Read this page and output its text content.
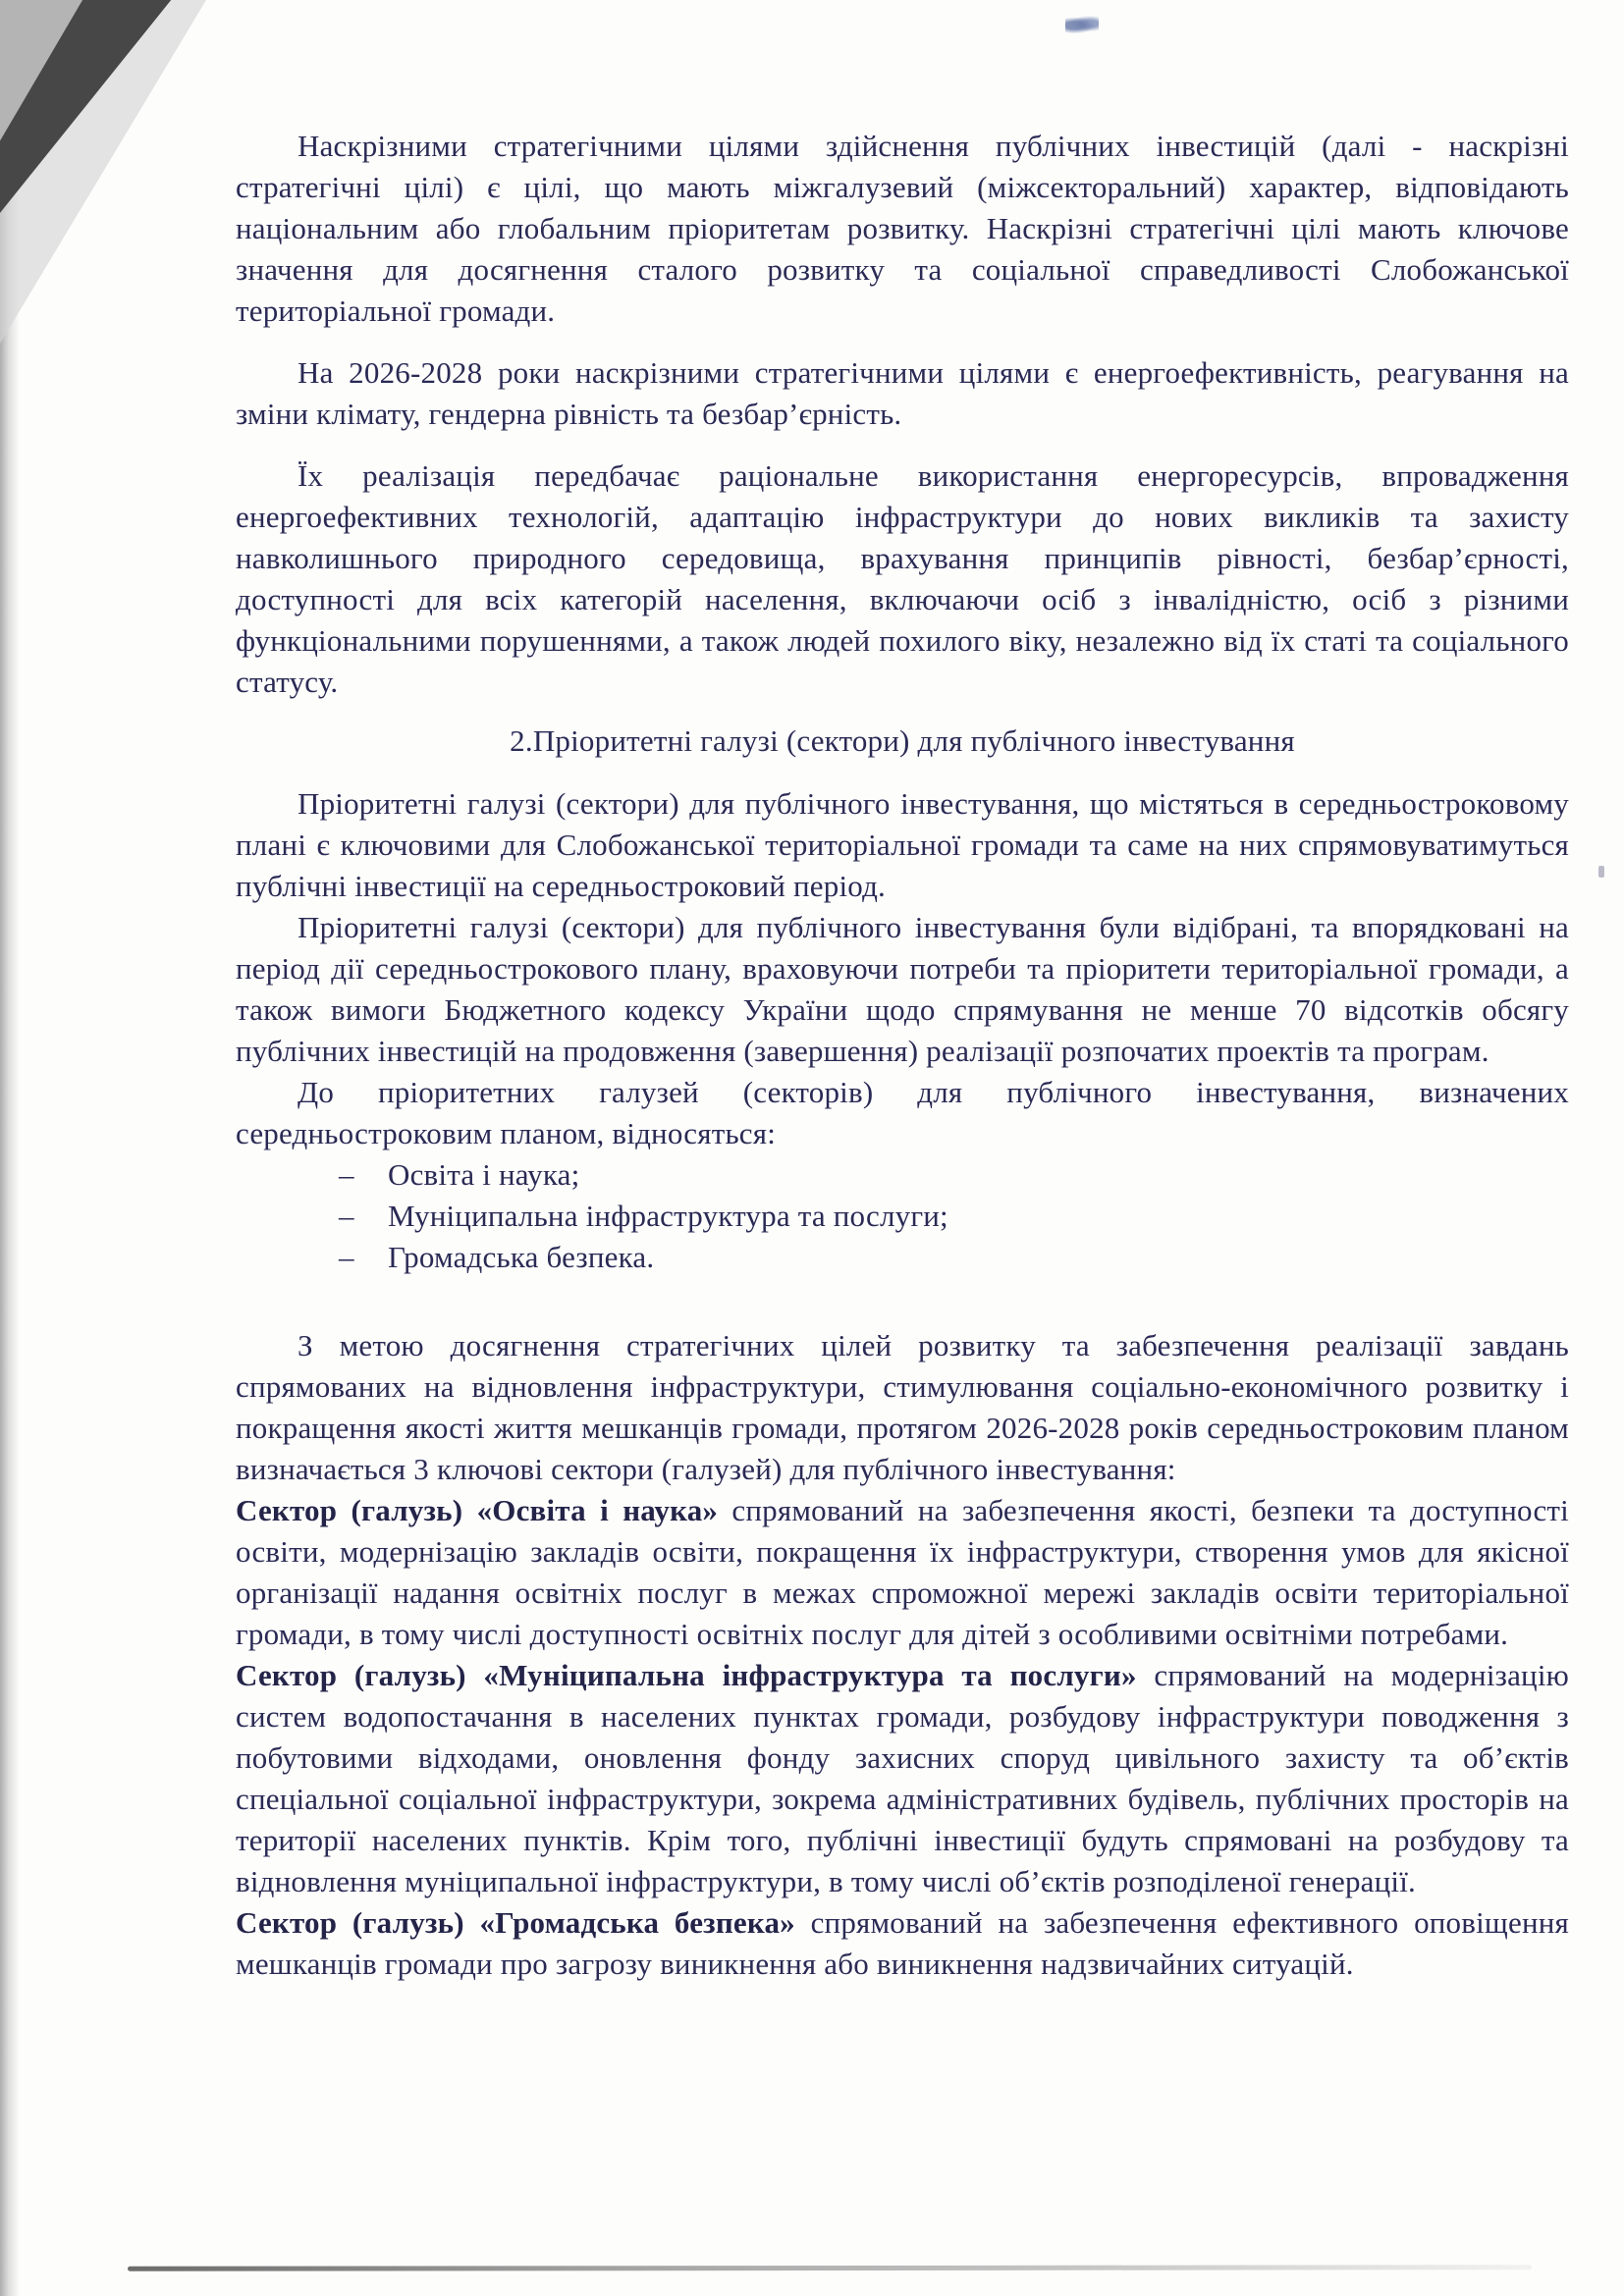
Наскрізними стратегічними цілями здійснення публічних інвестицій (далі - наскрізні стратегічні цілі) є цілі, що мають міжгалузевий (міжсекторальний) характер, відповідають національним або глобальним пріоритетам розвитку. Наскрізні стратегічні цілі мають ключове значення для досягнення сталого розвитку та соціальної справедливості Слобожанської територіальної громади.

На 2026-2028 роки наскрізними стратегічними цілями є енергоефективність, реагування на зміни клімату, гендерна рівність та безбар’єрність.

Їх реалізація передбачає раціональне використання енергоресурсів, впровадження енергоефективних технологій, адаптацію інфраструктури до нових викликів та захисту навколишнього природного середовища, врахування принципів рівності, безбар’єрності, доступності для всіх категорій населення, включаючи осіб з інвалідністю, осіб з різними функціональними порушеннями, а також людей похилого віку, незалежно від їх статі та соціального статусу.

2.Пріоритетні галузі (сектори) для публічного інвестування

Пріоритетні галузі (сектори) для публічного інвестування, що містяться в середньостроковому плані є ключовими для Слобожанської територіальної громади та саме на них спрямовуватимуться публічні інвестиції на середньостроковий період.

Пріоритетні галузі (сектори) для публічного інвестування були відібрані, та впорядковані на період дії середньострокового плану, враховуючи потреби та пріоритети територіальної громади, а також вимоги Бюджетного кодексу України щодо спрямування не менше 70 відсотків обсягу публічних інвестицій на продовження (завершення) реалізації розпочатих проектів та програм.

До пріоритетних галузей (секторів) для публічного інвестування, визначених середньостроковим планом, відносяться:

– Освіта і наука;
– Муніципальна інфраструктура та послуги;
– Громадська безпека.

З метою досягнення стратегічних цілей розвитку та забезпечення реалізації завдань спрямованих на відновлення інфраструктури, стимулювання соціально-економічного розвитку і покращення якості життя мешканців громади, протягом 2026-2028 років середньостроковим планом визначається 3 ключові сектори (галузей) для публічного інвестування:

Сектор (галузь) «Освіта і наука» спрямований на забезпечення якості, безпеки та доступності освіти, модернізацію закладів освіти, покращення їх інфраструктури, створення умов для якісної організації надання освітніх послуг в межах спроможної мережі закладів освіти територіальної громади, в тому числі доступності освітніх послуг для дітей з особливими освітніми потребами.

Сектор (галузь) «Муніципальна інфраструктура та послуги» спрямований на модернізацію систем водопостачання в населених пунктах громади, розбудову інфраструктури поводження з побутовими відходами, оновлення фонду захисних споруд цивільного захисту та об’єктів спеціальної соціальної інфраструктури, зокрема адміністративних будівель, публічних просторів на території населених пунктів. Крім того, публічні інвестиції будуть спрямовані на розбудову та відновлення муніципальної інфраструктури, в тому числі об’єктів розподіленої генерації.

Сектор (галузь) «Громадська безпека» спрямований на забезпечення ефективного оповіщення мешканців громади про загрозу виникнення або виникнення надзвичайних ситуацій.
